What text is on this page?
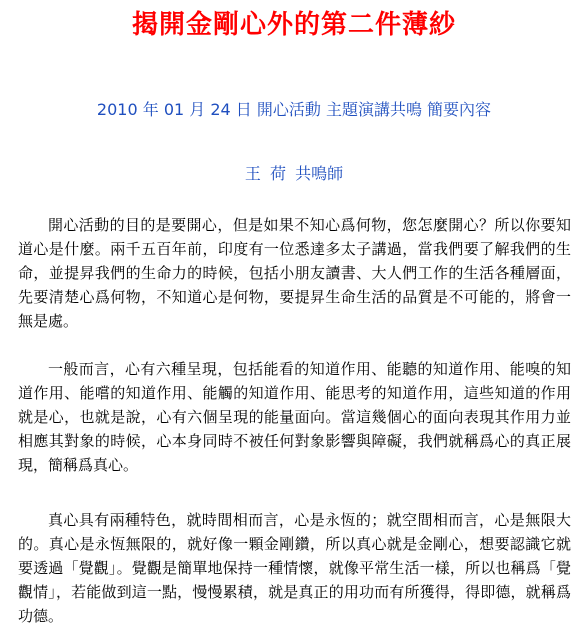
揭開金剛心外的第二件薄紗
2010 年 01 月 24 日 開心活動 主題演講共鳴 簡要內容
王 荷 共鳴師

開心活動的目的是要開心，但是如果不知心爲何物，您怎麼開心？所以你要知道心是什麼。兩千五百年前，印度有一位悉達多太子講過，當我們要了解我們的生命，並提昇我們的生命力的時候，包括小朋友讀書、大人們工作的生活各種層面，先要清楚心爲何物，不知道心是何物，要提昇生命生活的品質是不可能的，將會一無是處。

一般而言，心有六種呈現，包括能看的知道作用、能聽的知道作用、能嗅的知道作用、能嚐的知道作用、能觸的知道作用、能思考的知道作用，這些知道的作用就是心，也就是說，心有六個呈現的能量面向。當這幾個心的面向表現其作用力並相應其對象的時候，心本身同時不被任何對象影響與障礙，我們就稱爲心的真正展現，簡稱爲真心。

真心具有兩種特色，就時間相而言，心是永恆的；就空間相而言，心是無限大的。真心是永恆無限的，就好像一顆金剛鑽，所以真心就是金剛心，想要認識它就要透過「覺觀」。覺觀是簡單地保持一種情懷，就像平常生活一樣，所以也稱爲「覺觀情」，若能做到這一點，慢慢累積，就是真正的用功而有所獲得，得即德，就稱爲功德。
